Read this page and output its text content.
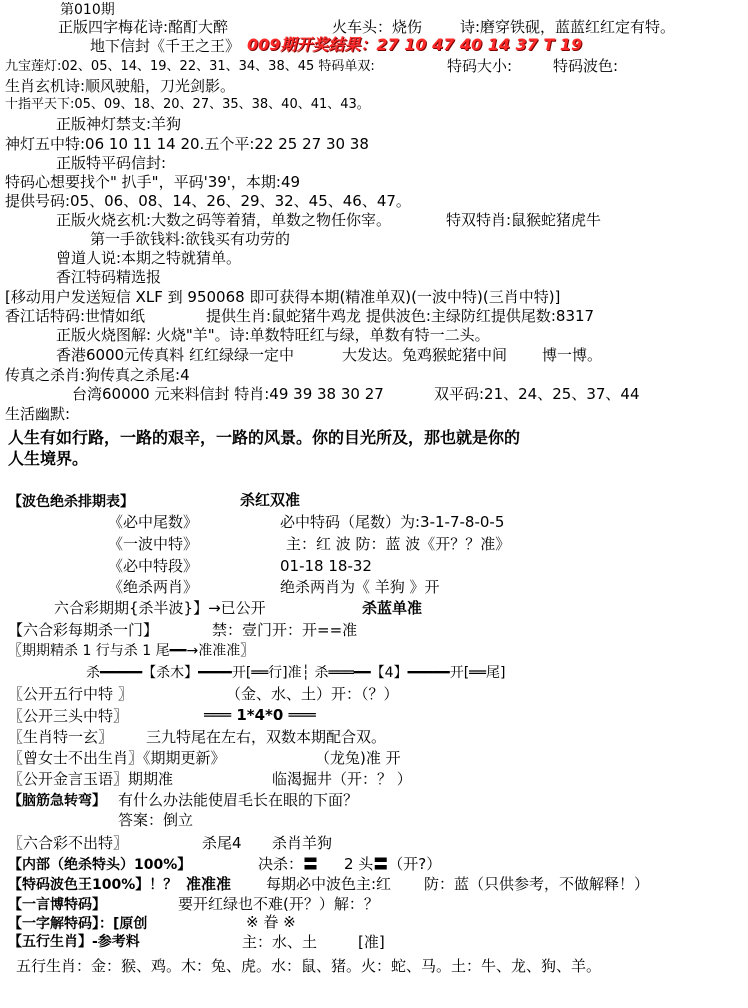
第010期
正版四字梅花诗:酩酊大醉	火车头：烧伤	诗:磨穿铁砚，蓝蓝红红定有特。
地下信封《千王之王》 009期开奖结果：27 10 47 40 14 37 T 19
九宝莲灯:02、05、14、19、22、31、34、38、45 特码单双:	特码大小:	特码波色:
生肖玄机诗:顺风驶船，刀光剑影。
十指平天下:05、09、18、20、27、35、38、40、41、43。
正版神灯禁支:羊狗
神灯五中特:06 10 11 14 20.五个平:22 25 27 30 38
正版特平码信封:
特码心想要找个" 扒手"，平码'39'，本期:49
提供号码:05、06、08、14、26、29、32、45、46、47。
正版火烧玄机:大数之码等着猜，单数之物任你宰。	特双特肖:鼠猴蛇猪虎牛
第一手欲钱料:欲钱买有功劳的
曾道人说:本期之特就猜单。
香江特码精选报
[移动用户发送短信 XLF 到 950068 即可获得本期(精准单双)(一波中特)(三肖中特)]
香江话特码:世情如纸	提供生肖:鼠蛇猪牛鸡龙 提供波色:主绿防红提供尾数:8317
正版火烧图解: 火烧"羊"。诗:单数特旺红与绿，单数有特一二头。
香港6000元传真料 红红绿绿一定中	大发达。兔鸡猴蛇猪中间 博一博。
传真之杀肖:狗传真之杀尾:4
台湾60000 元来料信封 特肖:49 39 38 30 27	双平码:21、24、25、37、44
生活幽默:
人生有如行路，一路的艰辛，一路的风景。你的目光所及，那也就是你的
人生境界。
【波色绝杀排期表】	杀红双准
《必中尾数》	必中特码（尾数）为:3-1-7-8-0-5
《一波中特》	主：红 波 防：蓝 波《开？？准》
《必中特段》	01-18 18-32
《绝杀两肖》	绝杀两肖为《 羊狗 》开
六合彩期期{杀半波}】→已公开	杀蓝单准
【六合彩每期杀一门】	禁：壹门开：开==准
〖期期精杀 1 行与杀 1 尾━━→准准准〗
杀━━━━━【杀木】━━━━开[══行]准┆ 杀═══━━【4】━━━━━开[══尾]
〖公开五行中特 〗	（金、水、土）开：（？）
〖公开三头中特〗	═══ 1*4*0 ═══
〖生肖特一玄〗 三九特尾在左右，双数本期配合双。
〖曾女士不出生肖〗《期期更新》	（龙兔)准 开
〖公开金言玉语〗期期准	临渴掘井（开：？ ）
【脑筋急转弯】 有什么办法能使眉毛长在眼的下面？
答案：倒立
〖六合彩不出特〗	杀尾4 杀肖羊狗
【内部（绝杀特头）100%】	决杀：〓 2 头〓（开?）
【特码波色王100%】！？ 准准准 每期必中波色主:红 防：蓝（只供参考，不做解释！）
【一言博特码】	要开红绿也不难(开？）解：？
【一字解特码】：[原创	※ 眷 ※
【五行生肖】-参考料	主：水、土	[准]
五行生肖：金：猴、鸡。木：兔、虎。水：鼠、猪。火：蛇、马。土：牛、龙、狗、羊。
